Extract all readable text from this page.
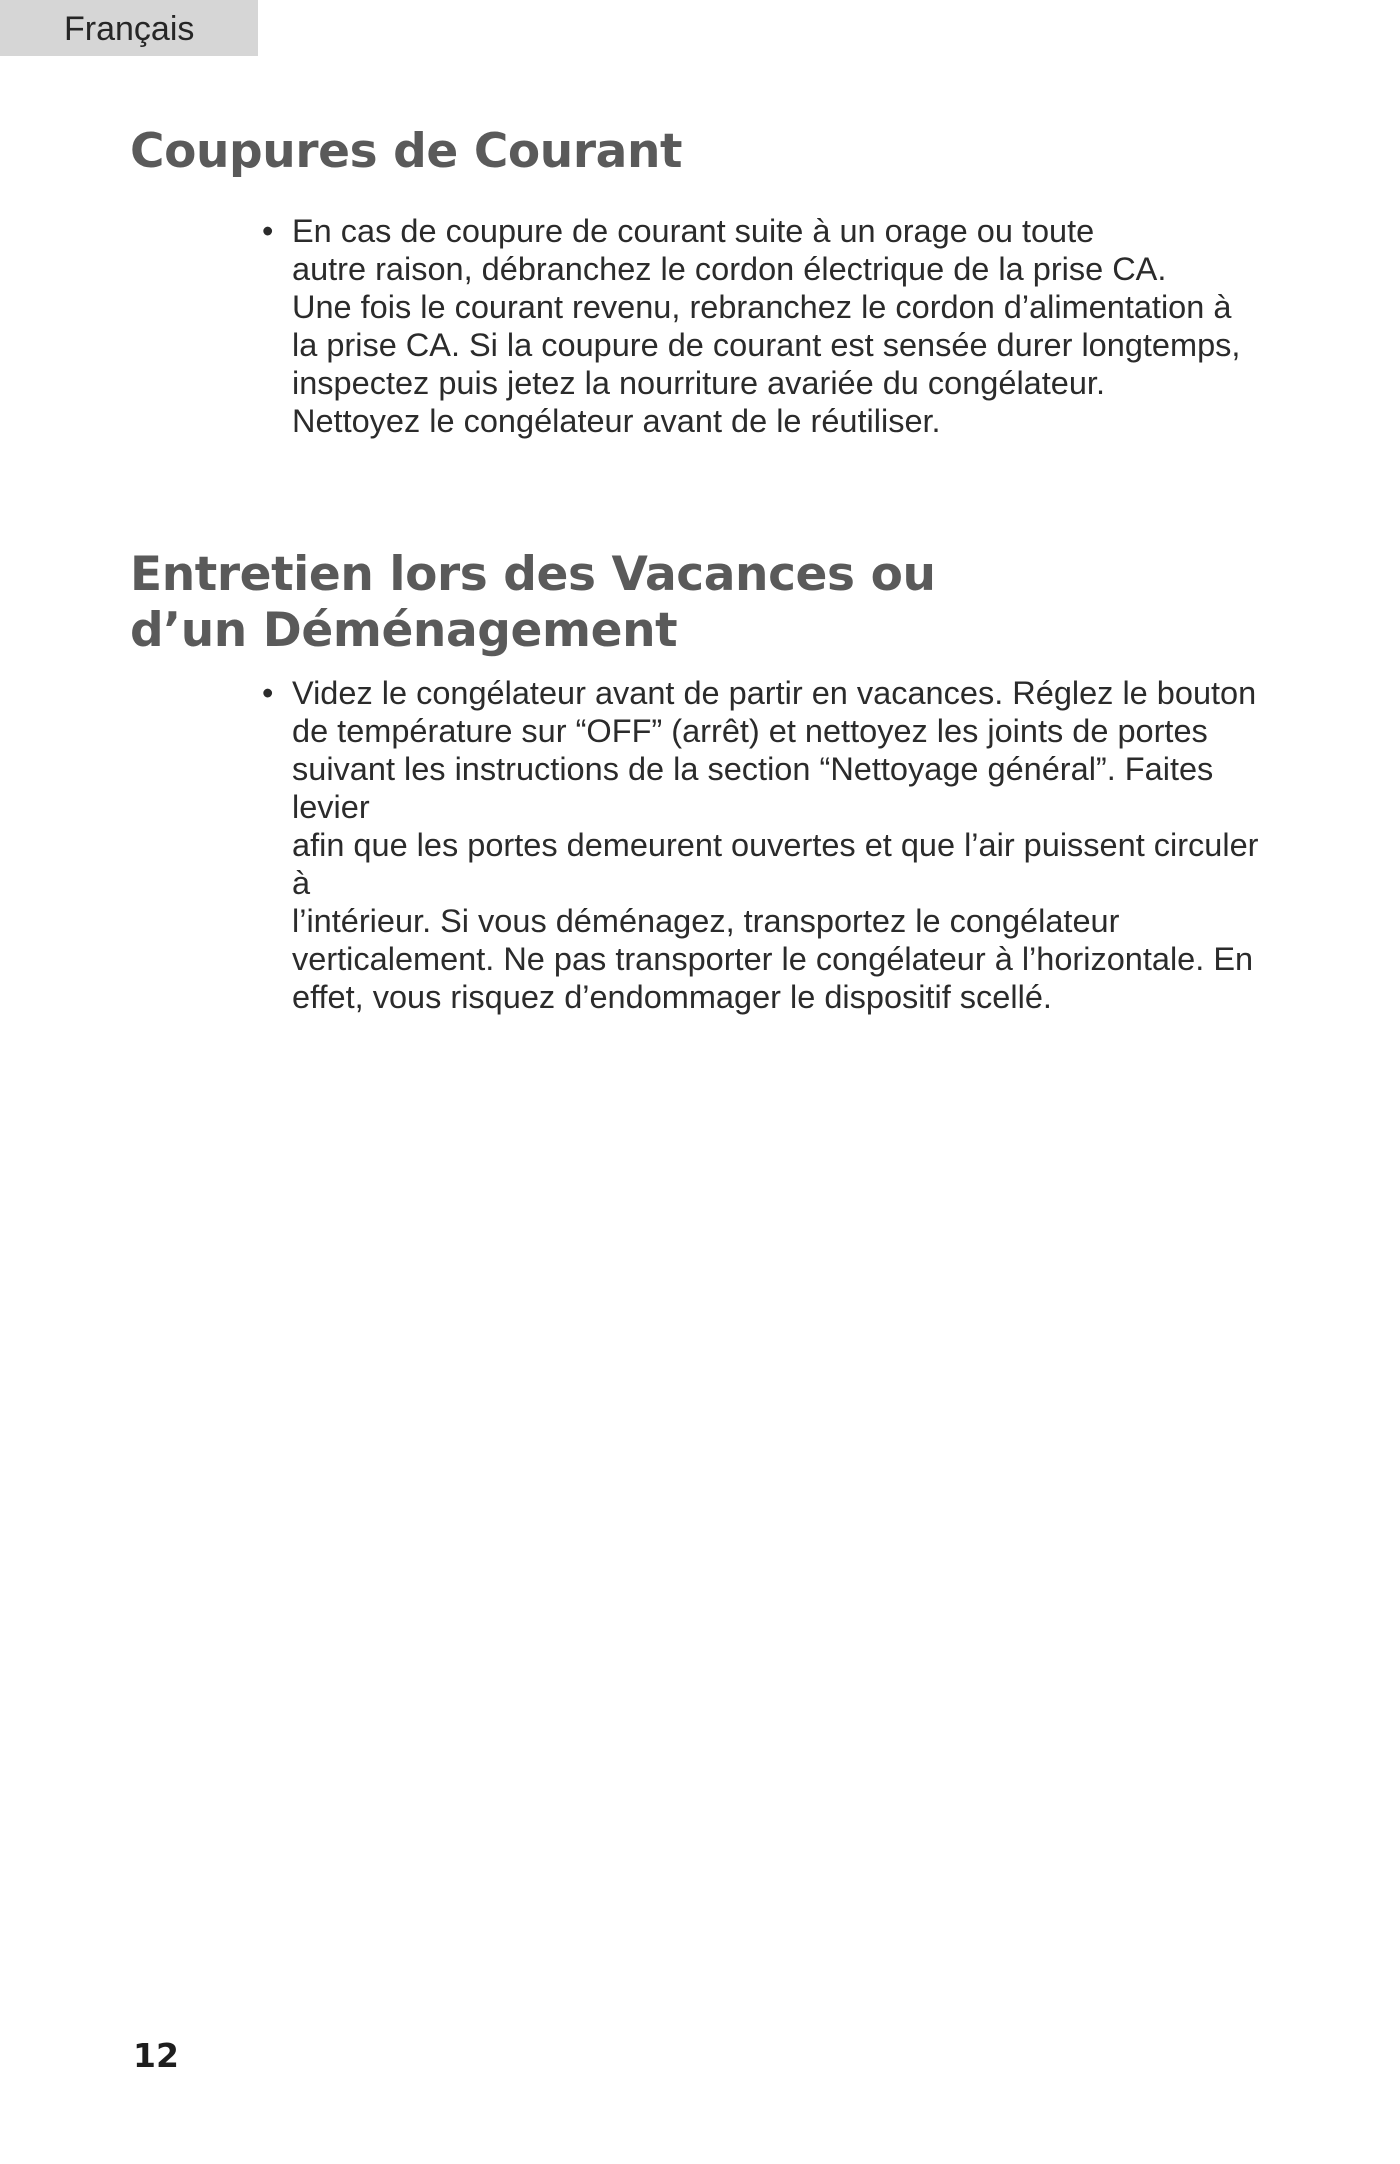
Français
Coupures de Courant
• En cas de coupure de courant suite à un orage ou toute
autre raison, débranchez le cordon électrique de la prise CA.
Une fois le courant revenu, rebranchez le cordon d’alimentation à
la prise CA. Si la coupure de courant est sensée durer longtemps,
inspectez puis jetez la nourriture avariée du congélateur.
Nettoyez le congélateur avant de le réutiliser.
Entretien lors des Vacances ou
d’un Déménagement
• Videz le congélateur avant de partir en vacances. Réglez le bouton
de température sur “OFF” (arrêt) et nettoyez les joints de portes
suivant les instructions de la section “Nettoyage général”. Faites levier
afin que les portes demeurent ouvertes et que l’air puissent circuler à
l’intérieur. Si vous déménagez, transportez le congélateur
verticalement. Ne pas transporter le congélateur à l’horizontale. En
effet, vous risquez d’endommager le dispositif scellé.
12
